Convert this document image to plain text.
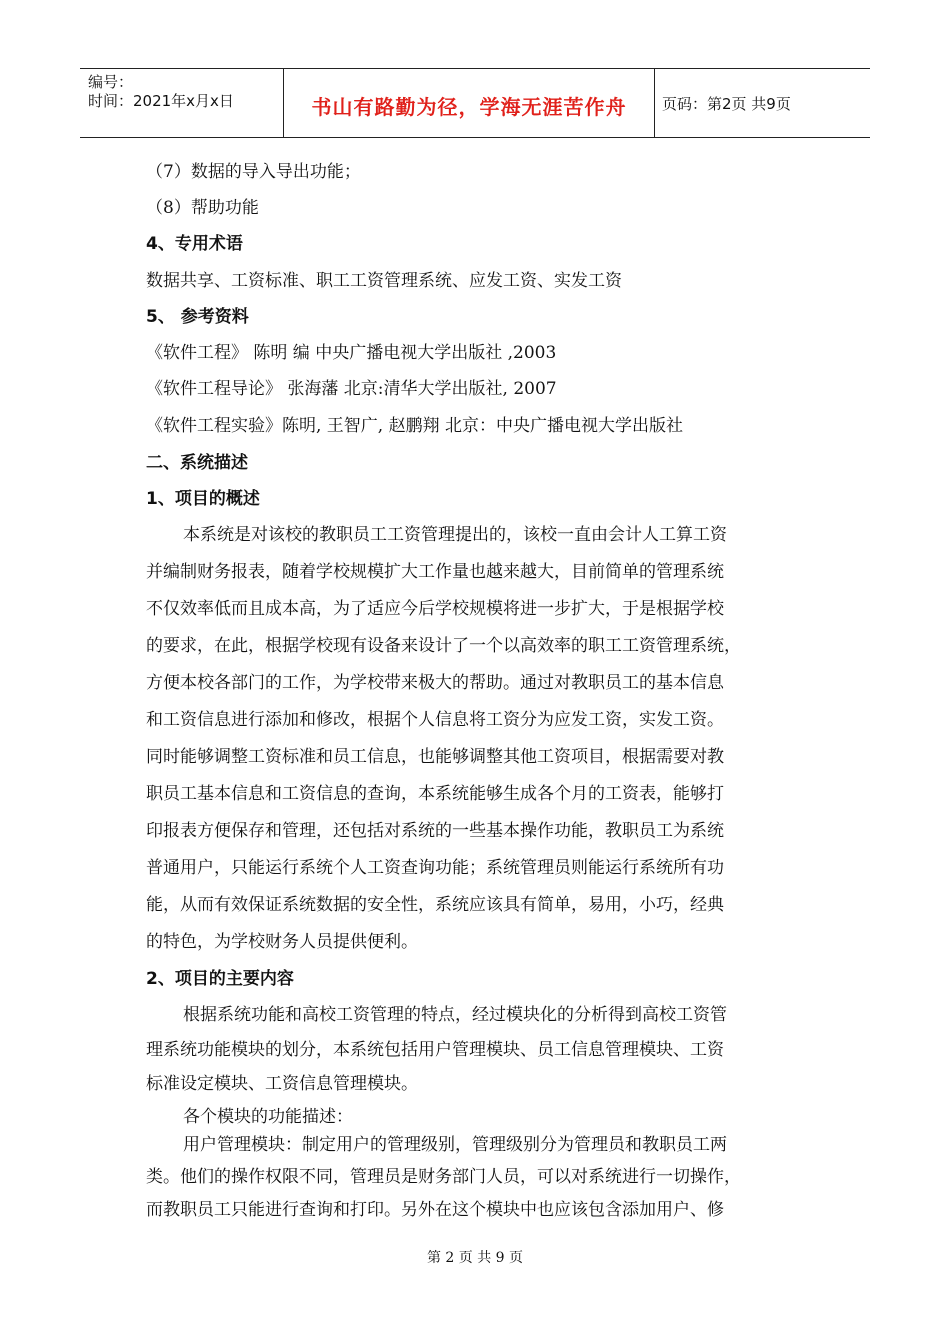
编号：
时间：2021年x月x日	书山有路勤为径，学海无涯苦作舟	页码：第2页 共9页
（7）数据的导入导出功能；
（8）帮助功能
4、专用术语
数据共享、工资标准、职工工资管理系统、应发工资、实发工资
5、 参考资料
《软件工程》 陈明 编 中央广播电视大学出版社 ,2003
《软件工程导论》 张海藩 北京:清华大学出版社, 2007
《软件工程实验》陈明, 王智广, 赵鹏翔 北京：中央广播电视大学出版社
二、系统描述
1、项目的概述
本系统是对该校的教职员工工资管理提出的，该校一直由会计人工算工资
并编制财务报表，随着学校规模扩大工作量也越来越大，目前简单的管理系统
不仅效率低而且成本高，为了适应今后学校规模将进一步扩大，于是根据学校
的要求，在此，根据学校现有设备来设计了一个以高效率的职工工资管理系统，
方便本校各部门的工作，为学校带来极大的帮助。通过对教职员工的基本信息
和工资信息进行添加和修改，根据个人信息将工资分为应发工资，实发工资。
同时能够调整工资标准和员工信息，也能够调整其他工资项目，根据需要对教
职员工基本信息和工资信息的查询，本系统能够生成各个月的工资表，能够打
印报表方便保存和管理，还包括对系统的一些基本操作功能，教职员工为系统
普通用户，只能运行系统个人工资查询功能；系统管理员则能运行系统所有功
能，从而有效保证系统数据的安全性，系统应该具有简单，易用，小巧，经典
的特色，为学校财务人员提供便利。
2、项目的主要内容
根据系统功能和高校工资管理的特点，经过模块化的分析得到高校工资管
理系统功能模块的划分，本系统包括用户管理模块、员工信息管理模块、工资
标准设定模块、工资信息管理模块。
各个模块的功能描述：
用户管理模块：制定用户的管理级别，管理级别分为管理员和教职员工两
类。他们的操作权限不同，管理员是财务部门人员，可以对系统进行一切操作，
而教职员工只能进行查询和打印。另外在这个模块中也应该包含添加用户、修
第 2 页 共 9 页
